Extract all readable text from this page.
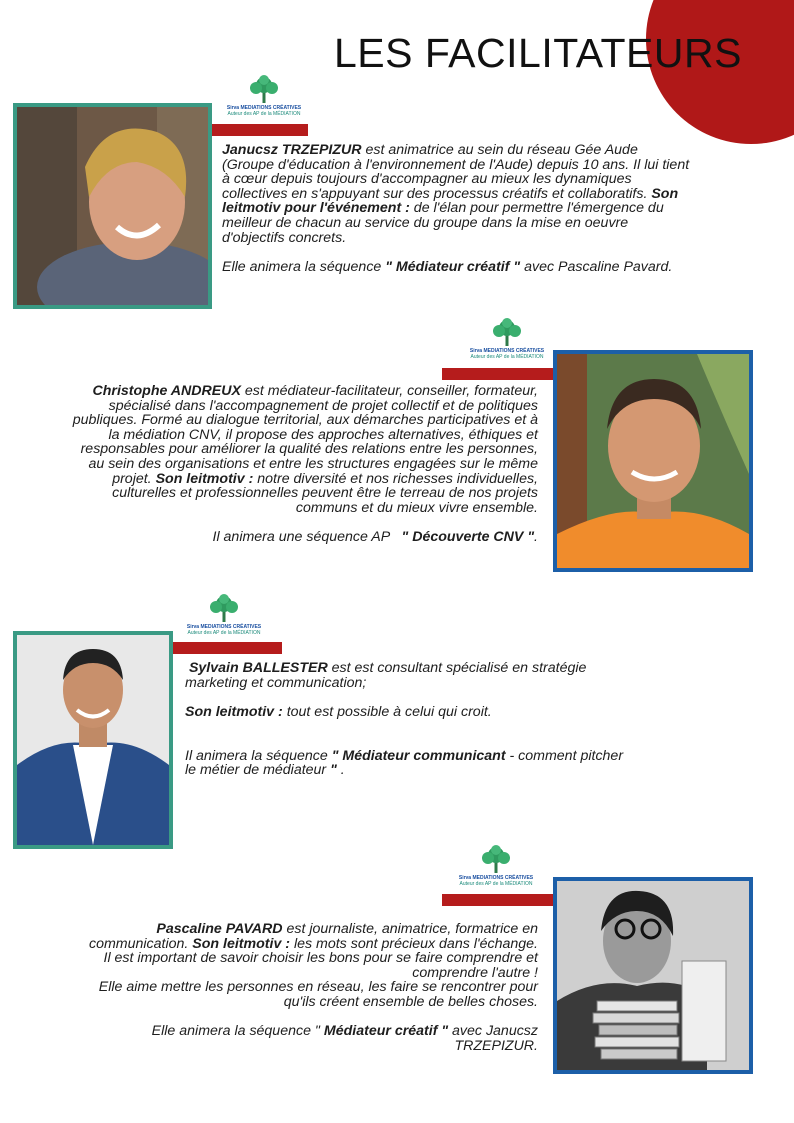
LES FACILITATEURS
Sirva MEDIATIONS CRÉATIVES
Auteur des AP de la MÉDIATION

Janucsz TRZEPIZUR est animatrice au sein du réseau Gée Aude (Groupe d'éducation à l'environnement de l'Aude) depuis 10 ans. Il lui tient à cœur depuis toujours d'accompagner au mieux les dynamiques collectives en s'appuyant sur des processus créatifs et collaboratifs. Son leitmotiv pour l'événement : de l'élan pour permettre l'émergence du meilleur de chacun au service du groupe dans la mise en oeuvre d'objectifs concrets.

Elle animera la séquence " Médiateur créatif " avec Pascaline Pavard.

Sirva MEDIATIONS CRÉATIVES
Auteur des AP de la MÉDIATION

Christophe ANDREUX est médiateur-facilitateur, conseiller, formateur, spécialisé dans l'accompagnement de projet collectif et de politiques publiques. Formé au dialogue territorial, aux démarches participatives et à la médiation CNV, il propose des approches alternatives, éthiques et responsables pour améliorer la qualité des relations entre les personnes, au sein des organisations et entre les structures engagées sur le même projet. Son leitmotiv : notre diversité et nos richesses individuelles, culturelles et professionnelles peuvent être le terreau de nos projets communs et du mieux vivre ensemble.

Il animera une séquence AP   " Découverte CNV ".

Sirva MEDIATIONS CRÉATIVES
Auteur des AP de la MÉDIATION

Sylvain BALLESTER est est consultant spécialisé en stratégie marketing et communication;

Son leitmotiv : tout est possible à celui qui croit.

Il animera la séquence " Médiateur communicant - comment pitcher le métier de médiateur " .

Sirva MEDIATIONS CRÉATIVES
Auteur des AP de la MÉDIATION

Pascaline PAVARD est journaliste, animatrice, formatrice en communication. Son leitmotiv : les mots sont précieux dans l'échange. Il est important de savoir choisir les bons pour se faire comprendre et comprendre l'autre !

Elle aime mettre les personnes en réseau, les faire se rencontrer pour qu'ils créent ensemble de belles choses.

Elle animera la séquence " Médiateur créatif " avec Janucsz TRZEPIZUR.
